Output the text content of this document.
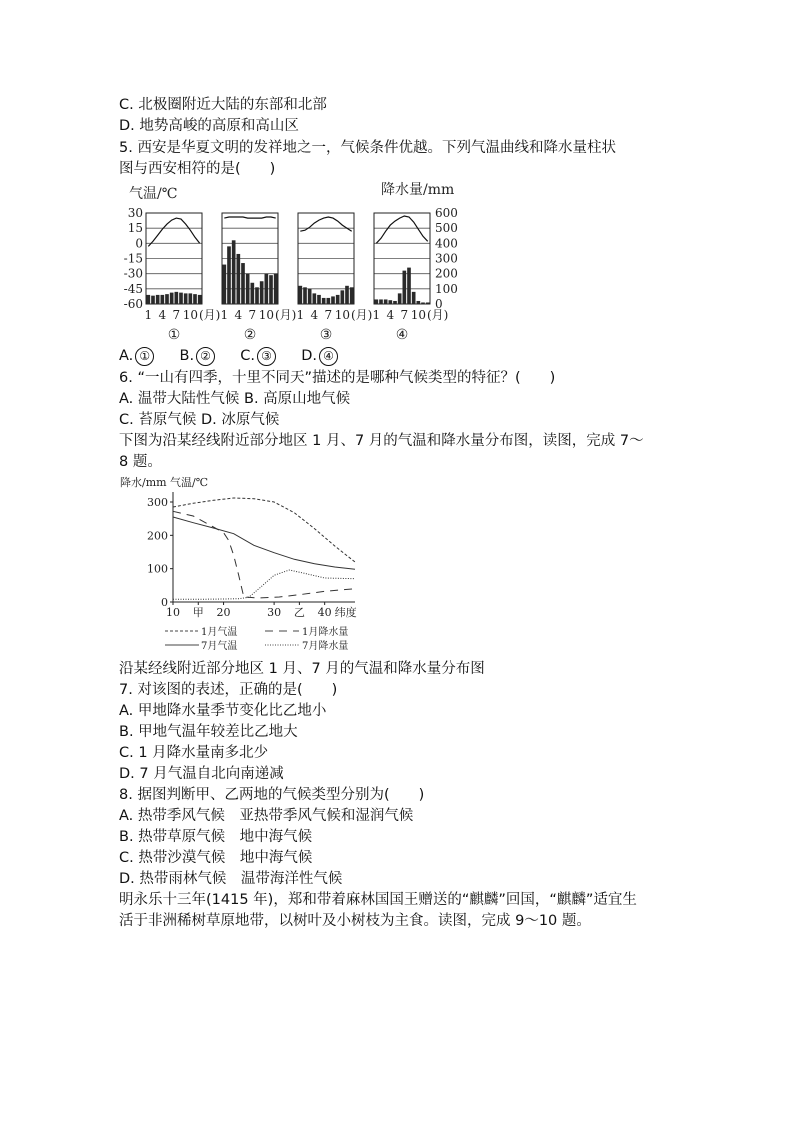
C. 北极圈附近大陆的东部和北部
D. 地势高峻的高原和高山区
5. 西安是华夏文明的发祥地之一，气候条件优越。下列气温曲线和降水量柱状
图与西安相符的是(　　)
气温/℃	降水量/mm
30
15
0
-15
-30
-45
-60
600
500
400
300
200
100
0
1 4 7 10 (月)
①
1 4 7 10 (月)
②
1 4 7 10 (月)
③
1 4 7 10 (月)
④
A. ① B. ② C. ③ D. ④
6. “一山有四季，十里不同天”描述的是哪种气候类型的特征？(　　)
A. 温带大陆性气候 B. 高原山地气候
C. 苔原气候 D. 冰原气候
下图为沿某经线附近部分地区 1 月、7 月的气温和降水量分布图，读图，完成 7～
8 题。
降水/mm 气温/℃
300
200
100
0
10 甲 20	30 乙 40 纬度
1月气温	1月降水量
7月气温	7月降水量
沿某经线附近部分地区 1 月、7 月的气温和降水量分布图
7. 对该图的表述，正确的是(　　)
A. 甲地降水量季节变化比乙地小
B. 甲地气温年较差比乙地大
C. 1 月降水量南多北少
D. 7 月气温自北向南递减
8. 据图判断甲、乙两地的气候类型分别为(　　)
A. 热带季风气候　亚热带季风气候和湿润气候
B. 热带草原气候　地中海气候
C. 热带沙漠气候　地中海气候
D. 热带雨林气候　温带海洋性气候
明永乐十三年(1415 年)，郑和带着麻林国国王赠送的“麒麟”回国，“麒麟”适宜生
活于非洲稀树草原地带，以树叶及小树枝为主食。读图，完成 9～10 题。
